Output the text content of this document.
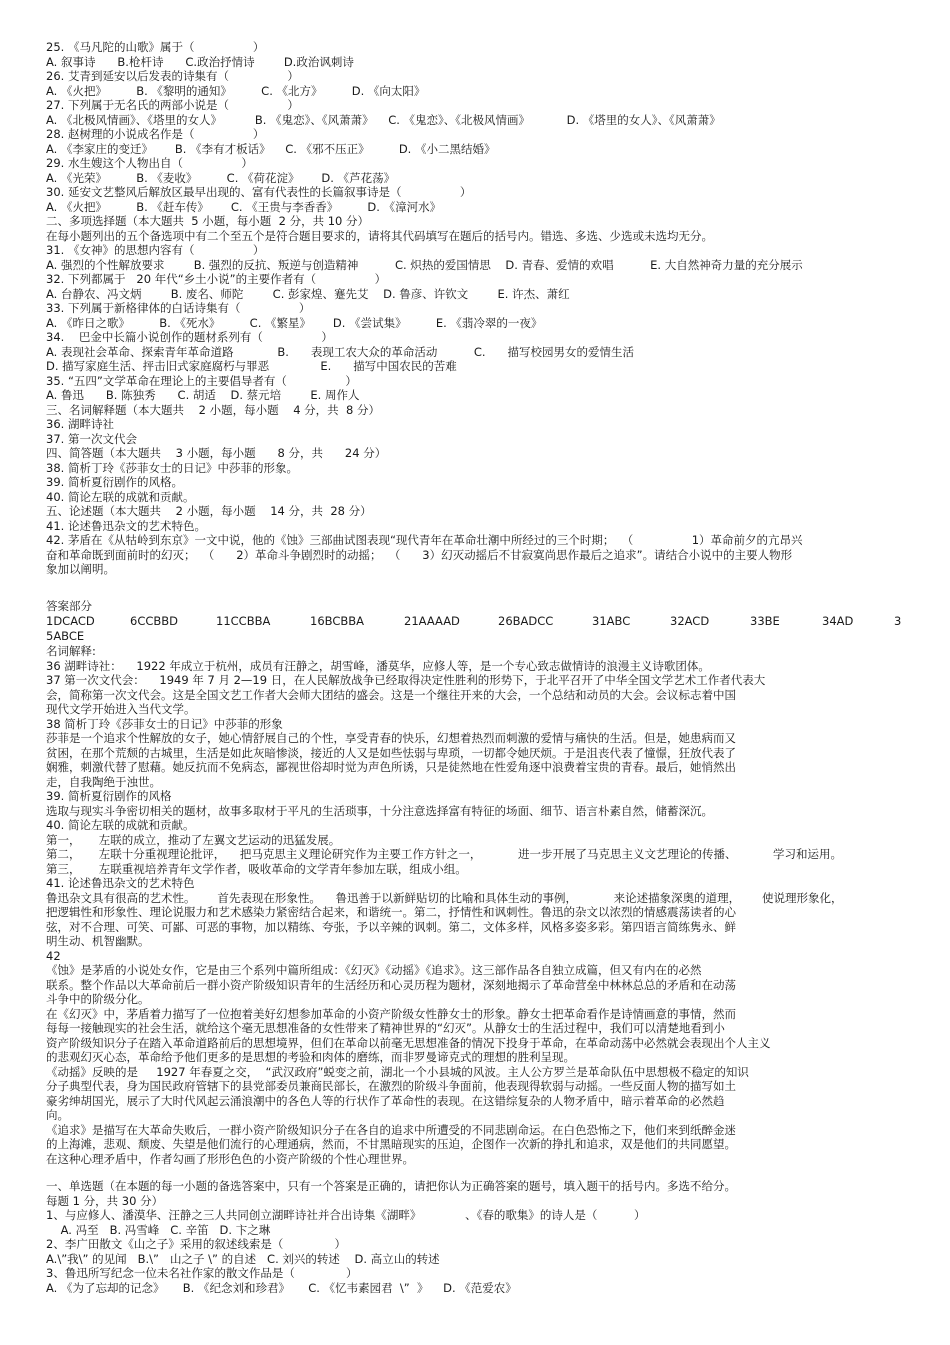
25. 《马凡陀的山歌》属于（                ）
A. 叙事诗      B.枪杆诗      C.政治抒情诗        D.政治讽刺诗
26. 艾青到延安以后发表的诗集有（                ）
A. 《火把》        B. 《黎明的通知》        C. 《北方》        D. 《向太阳》
27. 下列属于无名氏的两部小说是（                ）
A. 《北极风情画》、《塔里的女人》         B. 《鬼恋》、《风萧萧》    C. 《鬼恋》、《北极风情画》          D. 《塔里的女人》、《风萧萧》
28. 赵树理的小说成名作是（                ）
A. 《李家庄的变迁》      B. 《李有才板话》    C. 《邪不压正》        D. 《小二黑结婚》
29. 水生嫂这个人物出自（                ）
A. 《光荣》        B. 《麦收》        C. 《荷花淀》      D. 《芦花荡》
30. 延安文艺整风后解放区最早出现的、富有代表性的长篇叙事诗是（                ）
A. 《火把》        B. 《赶车传》      C. 《王贵与李香香》        D. 《漳河水》
二、多项选择题（本大题共  5 小题，每小题  2 分，共 10 分）
在每小题列出的五个备选项中有二个至五个是符合题目要求的，请将其代码填写在题后的括号内。错选、多选、少选或未选均无分。
31. 《女神》的思想内容有（                ）
A. 强烈的个性解放要求        B. 强烈的反抗、叛逆与创造精神          C. 炽热的爱国情思    D. 青春、爱情的欢唱          E. 大自然神奇力量的充分展示
32. 下列都属于   20 年代“乡土小说”的主要作者有（                ）
A. 台静农、冯文炳        B. 废名、师陀        C. 彭家煌、蹇先艾    D. 鲁彦、许钦文        E. 许杰、萧红
33. 下列属于新格律体的白话诗集有（                ）
A. 《昨日之歌》        B. 《死水》        C. 《繁星》      D. 《尝试集》        E. 《翡冷翠的一夜》
34.    巴金中长篇小说创作的题材系列有（                ）
A. 表现社会革命、探索青年革命道路            B.      表现工农大众的革命活动          C.      描写校园男女的爱情生活
D. 描写家庭生活、抨击旧式家庭腐朽与罪恶              E.      描写中国农民的苦难
35. “五四”文学革命在理论上的主要倡导者有（                ）
A. 鲁迅      B. 陈独秀      C. 胡适    D. 蔡元培        E. 周作人
三、名词解释题（本大题共    2 小题，每小题    4 分，共  8 分）
36. 湖畔诗社
37. 第一次文代会
四、简答题（本大题共    3 小题，每小题      8 分，共      24 分）
38. 简析丁玲《莎菲女士的日记》中莎菲的形象。
39. 简析夏衍剧作的风格。
40. 简论左联的成就和贡献。
五、论述题（本大题共    2 小题，每小题    14 分，共  28 分）
41. 论述鲁迅杂文的艺术特色。
42. 茅盾在《从牯岭到东京》一文中说，他的《蚀》三部曲试图表现“现代青年在革命壮潮中所经过的三个时期；  （                1）革命前夕的亢昂兴
奋和革命既到面前时的幻灭；  （      2）革命斗争剧烈时的动摇；  （      3）幻灭动摇后不甘寂寞尚思作最后之追求”。请结合小说中的主要人物形
象加以阐明。
答案部分
1DCACD	6CCBBD	11CCBBA	16BCBBA	21AAAAD	26BADCC	31ABC	32ACD	33BE	34AD	3
5ABCE
名词解释:
36 湖畔诗社：    1922 年成立于杭州，成员有汪静之，胡雪峰，潘莫华，应修人等，是一个专心致志做情诗的浪漫主义诗歌团体。
37 第一次文代会：    1949 年 7 月 2—19 日，在人民解放战争已经取得决定性胜利的形势下，于北平召开了中华全国文学艺术工作者代表大
会，简称第一次文代会。这是全国文艺工作者大会师大团结的盛会。这是一个继往开来的大会，一个总结和动员的大会。会议标志着中国
现代文学开始进入当代文学。
38 简析丁玲《莎菲女士的日记》中莎菲的形象
莎菲是一个追求个性解放的女子，她心情舒展自己的个性，享受青春的快乐，幻想着热烈而刺激的爱情与痛快的生活。但是，她患病而又
贫困，在那个荒颓的古城里，生活是如此灰暗惨淡，接近的人又是如些怯弱与卑琐，一切都令她厌烦。于是沮丧代表了憧憬，狂放代表了
娴雅，刺激代替了慰藉。她反抗而不免病态，鄙视世俗却时觉为声色所诱，只是徒然地在性爱角逐中浪费着宝贵的青春。最后，她悄然出
走，自我陶绝于浊世。
39. 简析夏衍剧作的风格
选取与现实斗争密切相关的题材，故事多取材于平凡的生活琐事，十分注意选择富有特征的场面、细节、语言朴素自然，储蓄深沉。
40. 简论左联的成就和贡献。
第一，     左联的成立，推动了左翼文艺运动的迅猛发展。
第二，     左联十分重视理论批评，    把马克思主义理论研究作为主要工作方针之一，          进一步开展了马克思主义文艺理论的传播、          学习和运用。
第三，     左联重视培养青年文学作者，吸收革命的文学青年参加左联，组成小组。
41. 论述鲁迅杂文的艺术特色
鲁迅杂文具有很高的艺术性。      首先表现在形象性。    鲁迅善于以新鲜贴切的比喻和具体生动的事例，          来论述描象深奥的道理，      使说理形象化，
把逻辑性和形象性、理论说服力和艺术感染力紧密结合起来，和谐统一。第二，抒情性和讽刺性。鲁迅的杂文以浓烈的情感震荡读者的心
弦，对不合理、可笑、可鄙、可恶的事物，加以精练、夸张，予以辛辣的讽刺。第二，文体多样，风格多姿多彩。第四语言简练隽永、鲜
明生动、机智幽默。
42
《蚀》是茅盾的小说处女作，它是由三个系列中篇所组成：《幻灭》《动摇》《追求》。这三部作品各自独立成篇，但又有内在的必然
联系。整个作品以大革命前后一群小资产阶级知识青年的生活经历和心灵历程为题材，深刻地揭示了革命营垒中林林总总的矛盾和在动荡
斗争中的阶级分化。
在《幻灭》中，茅盾着力描写了一位抱着美好幻想参加革命的小资产阶级女性静女士的形象。静女士把革命看作是诗情画意的事情，然而
每每一接触现实的社会生活，就给这个毫无思想准备的女性带来了精神世界的“幻灭”。从静女士的生活过程中，我们可以清楚地看到小
资产阶级知识分子在踏入革命道路前后的思想境界，但们在革命以前毫无思想准备的情况下投身于革命，在革命动荡中必然就会表现出个人主义
的悲观幻灭心态，革命给予他们更多的是思想的考验和肉体的磨练，而非罗曼谛克式的理想的胜利呈现。
《动摇》反映的是     1927 年春夏之交，  “武汉政府”蜕变之前，湖北一个小县城的风波。主人公方罗兰是革命队伍中思想极不稳定的知识
分子典型代表，身为国民政府管辖下的县党部委员兼商民部长，在激烈的阶级斗争面前，他表现得软弱与动摇。一些反面人物的描写如土
豪劣绅胡国光，展示了大时代风起云涌浪潮中的各色人等的行状作了革命性的表现。在这错综复杂的人物矛盾中，暗示着革命的必然趋
向。
《追求》是描写在大革命失败后，一群小资产阶级知识分子在各自的追求中所遭受的不同悲剧命运。在白色恐怖之下，他们来到纸醉金迷
的上海滩，悲观、颓废、失望是他们流行的心理通病，然而，不甘黑暗现实的压迫，企图作一次新的挣扎和追求，双是他们的共同愿望。
在这种心理矛盾中，作者勾画了形形色色的小资产阶级的个性心理世界。
一、单选题（在本题的每一小题的备选答案中，只有一个答案是正确的，请把你认为正确答案的题号，填入题干的括号内。多选不给分。
每题 1 分，共 30 分）
1、与应修人、潘漠华、汪静之三人共同创立湖畔诗社并合出诗集《湖畔》            、《春的歌集》的诗人是（          ）
A. 冯至   B. 冯雪峰   C. 辛笛   D. 卞之琳
2、李广田散文《山之子》采用的叙述线索是（              ）
A.\”我\” 的见闻   B.\”   山之子 \” 的自述   C. 刘兴的转述    D. 高立山的转述
3、鲁迅所写纪念一位未名社作家的散文作品是（              ）
A. 《为了忘却的记念》     B. 《纪念刘和珍君》     C. 《忆韦素园君  \”  》    D. 《范爱农》
